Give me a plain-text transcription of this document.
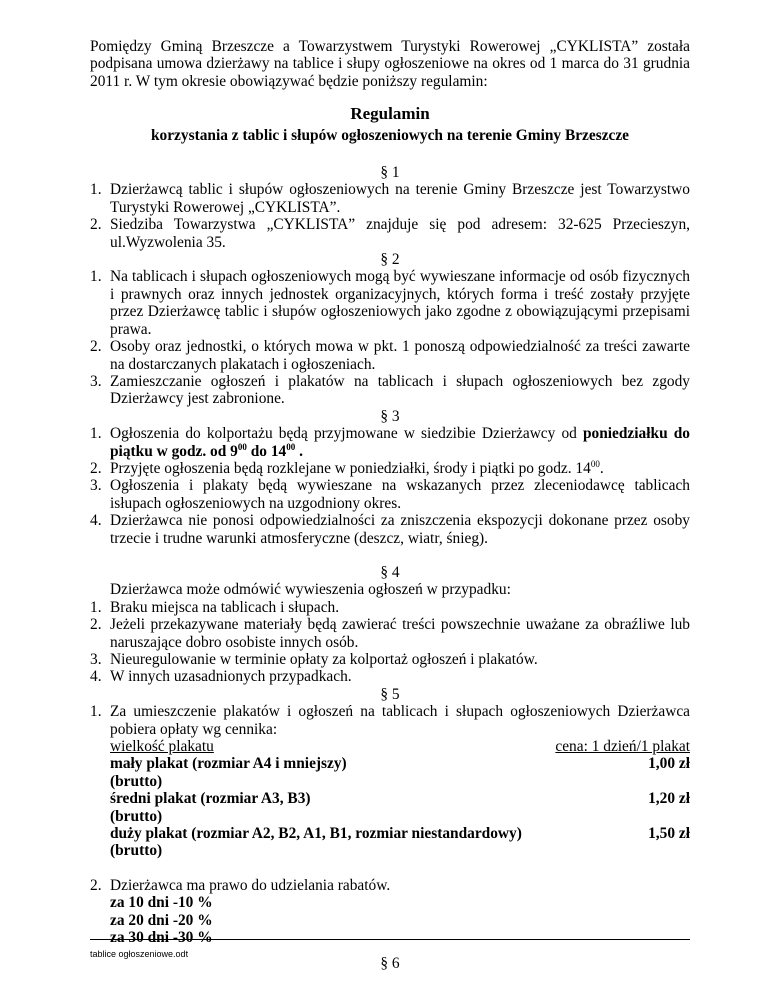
Pomiędzy Gminą Brzeszcze a Towarzystwem Turystyki Rowerowej „CYKLISTA” została podpisana umowa dzierżawy na tablice i słupy ogłoszeniowe na okres od 1 marca do 31 grudnia 2011 r. W tym okresie obowiązywać będzie poniższy regulamin:

Regulamin

korzystania z tablic i słupów ogłoszeniowych na terenie Gminy Brzeszcze

§ 1

1. Dzierżawcą tablic i słupów ogłoszeniowych na terenie Gminy Brzeszcze jest Towarzystwo Turystyki Rowerowej „CYKLISTA”.
2. Siedziba Towarzystwa „CYKLISTA” znajduje się pod adresem: 32-625 Przecieszyn, ul.Wyzwolenia 35.

§ 2

1. Na tablicach i słupach ogłoszeniowych mogą być wywieszane informacje od osób fizycznych i prawnych oraz innych jednostek organizacyjnych, których forma i treść zostały przyjęte przez Dzierżawcę tablic i słupów ogłoszeniowych jako zgodne z obowiązującymi przepisami prawa.
2. Osoby oraz jednostki, o których mowa w pkt. 1 ponoszą odpowiedzialność za treści zawarte na dostarczanych plakatach i ogłoszeniach.
3. Zamieszczanie ogłoszeń i plakatów na tablicach i słupach ogłoszeniowych bez zgody Dzierżawcy jest zabronione.

§ 3

1. Ogłoszenia do kolportażu będą przyjmowane w siedzibie Dzierżawcy od poniedziałku do piątku w godz. od $9^{00}$ do $14^{00}$ .
2. Przyjęte ogłoszenia będą rozklejane w poniedziałki, środy i piątki po godz. $14^{00}$.
3. Ogłoszenia i plakaty będą wywieszane na wskazanych przez zleceniodawcę tablicach isłupach ogłoszeniowych na uzgodniony okres.
4. Dzierżawca nie ponosi odpowiedzialności za zniszczenia ekspozycji dokonane przez osoby trzecie i trudne warunki atmosferyczne (deszcz, wiatr, śnieg).

§ 4

Dzierżawca może odmówić wywieszenia ogłoszeń w przypadku:

1. Braku miejsca na tablicach i słupach.
2. Jeżeli przekazywane materiały będą zawierać treści powszechnie uważane za obraźliwe lub naruszające dobro osobiste innych osób.
3. Nieuregulowanie w terminie opłaty za kolportaż ogłoszeń i plakatów.
4. W innych uzasadnionych przypadkach.

§ 5

1. Za umieszczenie plakatów i ogłoszeń na tablicach i słupach ogłoszeniowych Dzierżawca pobiera opłaty wg cennika:
wielkość plakatu	cena: 1 dzień/1 plakat
mały plakat (rozmiar A4 i mniejszy)	1,00 zł
(brutto)
średni plakat (rozmiar A3, B3)	1,20 zł
(brutto)
duży plakat (rozmiar A2, B2, A1, B1, rozmiar niestandardowy)	1,50 zł
(brutto)
2. Dzierżawca ma prawo do udzielania rabatów.
za 10 dni -10 %
za 20 dni -20 %
za 30 dni -30 %

§ 6

tablice ogłoszeniowe.odt
